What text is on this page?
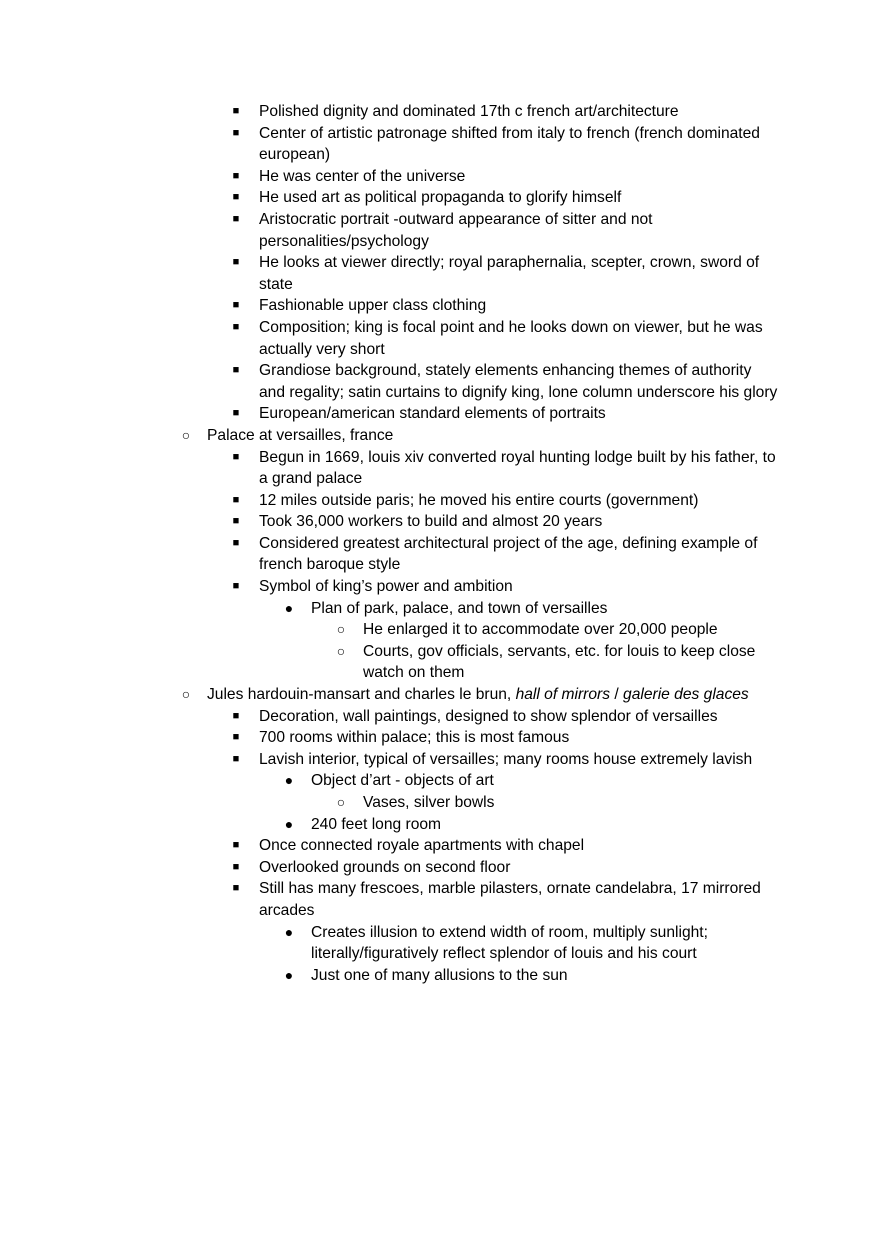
■	Polished dignity and dominated 17th c french art/architecture
■	Center of artistic patronage shifted from italy to french (french dominated european)
■	He was center of the universe
■	He used art as political propaganda to glorify himself
■	Aristocratic portrait -outward appearance of sitter and not personalities/psychology
■	He looks at viewer directly; royal paraphernalia, scepter, crown, sword of state
■	Fashionable upper class clothing
■	Composition; king is focal point and he looks down on viewer, but he was actually very short
■	Grandiose background, stately elements enhancing themes of authority and regality; satin curtains to dignify king, lone column underscore his glory
■	European/american standard elements of portraits
○	Palace at versailles, france
■	Begun in 1669, louis xiv converted royal hunting lodge built by his father, to a grand palace
■	12 miles outside paris; he moved his entire courts (government)
■	Took 36,000 workers to build and almost 20 years
■	Considered greatest architectural project of the age, defining example of french baroque style
■	Symbol of king’s power and ambition
●	Plan of park, palace, and town of versailles
○	He enlarged it to accommodate over 20,000 people
○	Courts, gov officials, servants, etc. for louis to keep close watch on them
○	Jules hardouin-mansart and charles le brun, hall of mirrors / galerie des glaces
■	Decoration, wall paintings, designed to show splendor of versailles
■	700 rooms within palace; this is most famous
■	Lavish interior, typical of versailles; many rooms house extremely lavish
●	Object d’art - objects of art
○	Vases, silver bowls
●	240 feet long room
■	Once connected royale apartments with chapel
■	Overlooked grounds on second floor
■	Still has many frescoes, marble pilasters, ornate candelabra, 17 mirrored arcades
●	Creates illusion to extend width of room, multiply sunlight; literally/figuratively reflect splendor of louis and his court
●	Just one of many allusions to the sun
